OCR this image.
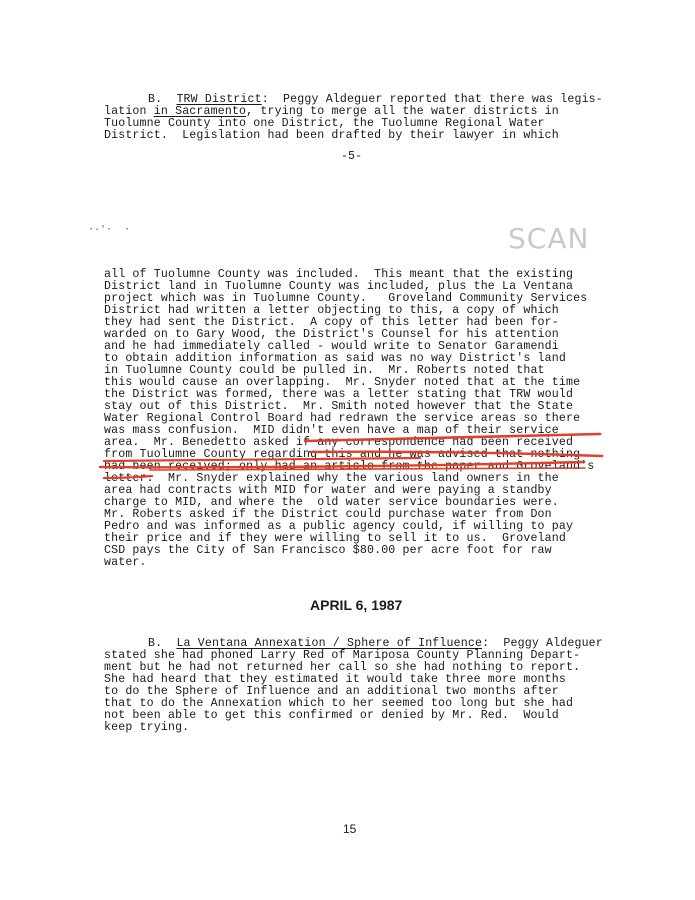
B.  TRW District:  Peggy Aldeguer reported that there was legis-
lation in Sacramento, trying to merge all the water districts in
Tuolumne County into one District, the Tuolumne Regional Water
District.  Legislation had been drafted by their lawyer in which
-5-
·-'·  ·	SCAN
all of Tuolumne County was included.  This meant that the existing
District land in Tuolumne County was included, plus the La Ventana
project which was in Tuolumne County.   Groveland Community Services
District had written a letter objecting to this, a copy of which
they had sent the District.  A copy of this letter had been for-
warded on to Gary Wood, the District's Counsel for his attention
and he had immediately called - would write to Senator Garamendi
to obtain addition information as said was no way District's land
in Tuolumne County could be pulled in.  Mr. Roberts noted that
this would cause an overlapping.  Mr. Snyder noted that at the time
the District was formed, there was a letter stating that TRW would
stay out of this District.  Mr. Smith noted however that the State
Water Regional Control Board had redrawn the service areas so there
was mass confusion.  MID didn't even have a map of their service
area.  Mr. Benedetto asked if any correspondence had been received
from Tuolumne County regarding this and he was advised that nothing
had been received; only had an article from the paper and Groveland's
letter.  Mr. Snyder explained why the various land owners in the
area had contracts with MID for water and were paying a standby
charge to MID, and where the  old water service boundaries were.
Mr. Roberts asked if the District could purchase water from Don
Pedro and was informed as a public agency could, if willing to pay
their price and if they were willing to sell it to us.  Groveland
CSD pays the City of San Francisco $80.00 per acre foot for raw
water.
APRIL 6, 1987
B.  La Ventana Annexation / Sphere of Influence:  Peggy Aldeguer
stated she had phoned Larry Red of Mariposa County Planning Depart-
ment but he had not returned her call so she had nothing to report.
She had heard that they estimated it would take three more months
to do the Sphere of Influence and an additional two months after
that to do the Annexation which to her seemed too long but she had
not been able to get this confirmed or denied by Mr. Red.  Would
keep trying.
15
